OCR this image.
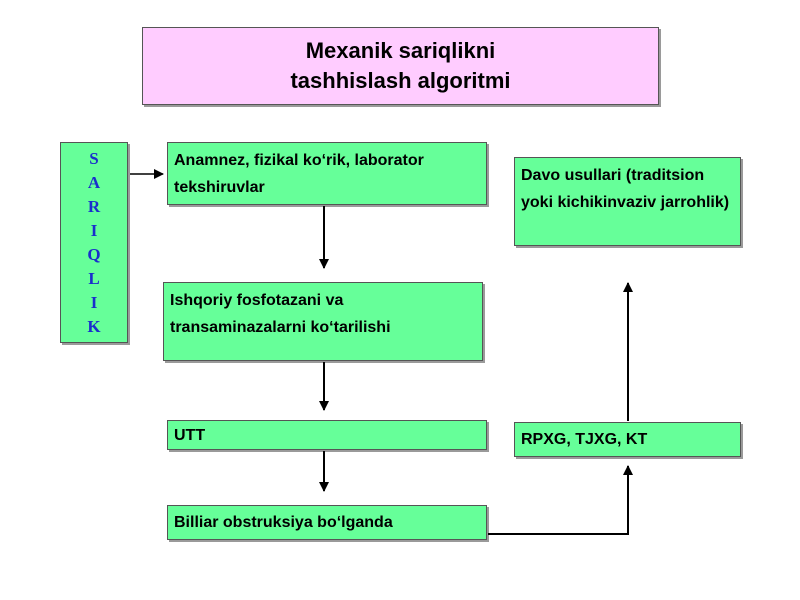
Mexanik sariqlikni
tashhislash algoritmi
S
A
R
I
Q
L
I
K
Anamnez, fizikal ko‘rik, laborator tekshiruvlar
Ishqoriy fosfotazani va transaminazalarni ko‘tarilishi
UTT
Billiar obstruksiya bo‘lganda
RPXG, TJXG, KT
Davo usullari (traditsion yoki kichikinvaziv jarrohlik)
